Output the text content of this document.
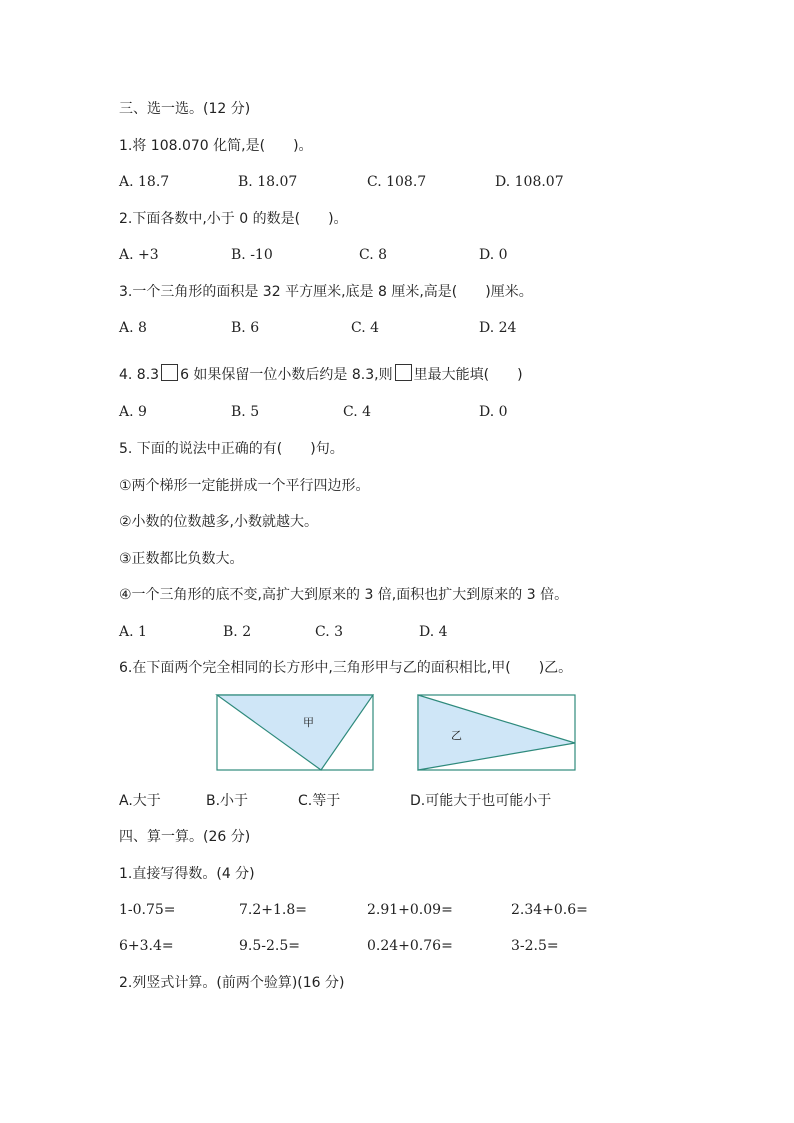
三、选一选。(12 分)
1.将 108.070 化简,是(　　)。
A. 18.7	B. 18.07	C. 108.7	D. 108.07
2.下面各数中,小于 0 的数是(　　)。
A. +3	B. -10	C. 8	D. 0
3.一个三角形的面积是 32 平方厘米,底是 8 厘米,高是(　　)厘米。
A. 8	B. 6	C. 4	D. 24
4. 8.3 6 如果保留一位小数后约是 8.3,则 里最大能填(　　)
A. 9	B. 5	C. 4	D. 0
5. 下面的说法中正确的有(　　)句。
①两个梯形一定能拼成一个平行四边形。
②小数的位数越多,小数就越大。
③正数都比负数大。
④一个三角形的底不变,高扩大到原来的 3 倍,面积也扩大到原来的 3 倍。
A. 1	B. 2	C. 3	D. 4
6.在下面两个完全相同的长方形中,三角形甲与乙的面积相比,甲(　　)乙。
甲
乙
A.大于	B.小于	C.等于	D.可能大于也可能小于
四、算一算。(26 分)
1.直接写得数。(4 分)
1-0.75=	7.2+1.8=	2.91+0.09=	2.34+0.6=
6+3.4=	9.5-2.5=	0.24+0.76=	3-2.5=
2.列竖式计算。(前两个验算)(16 分)
